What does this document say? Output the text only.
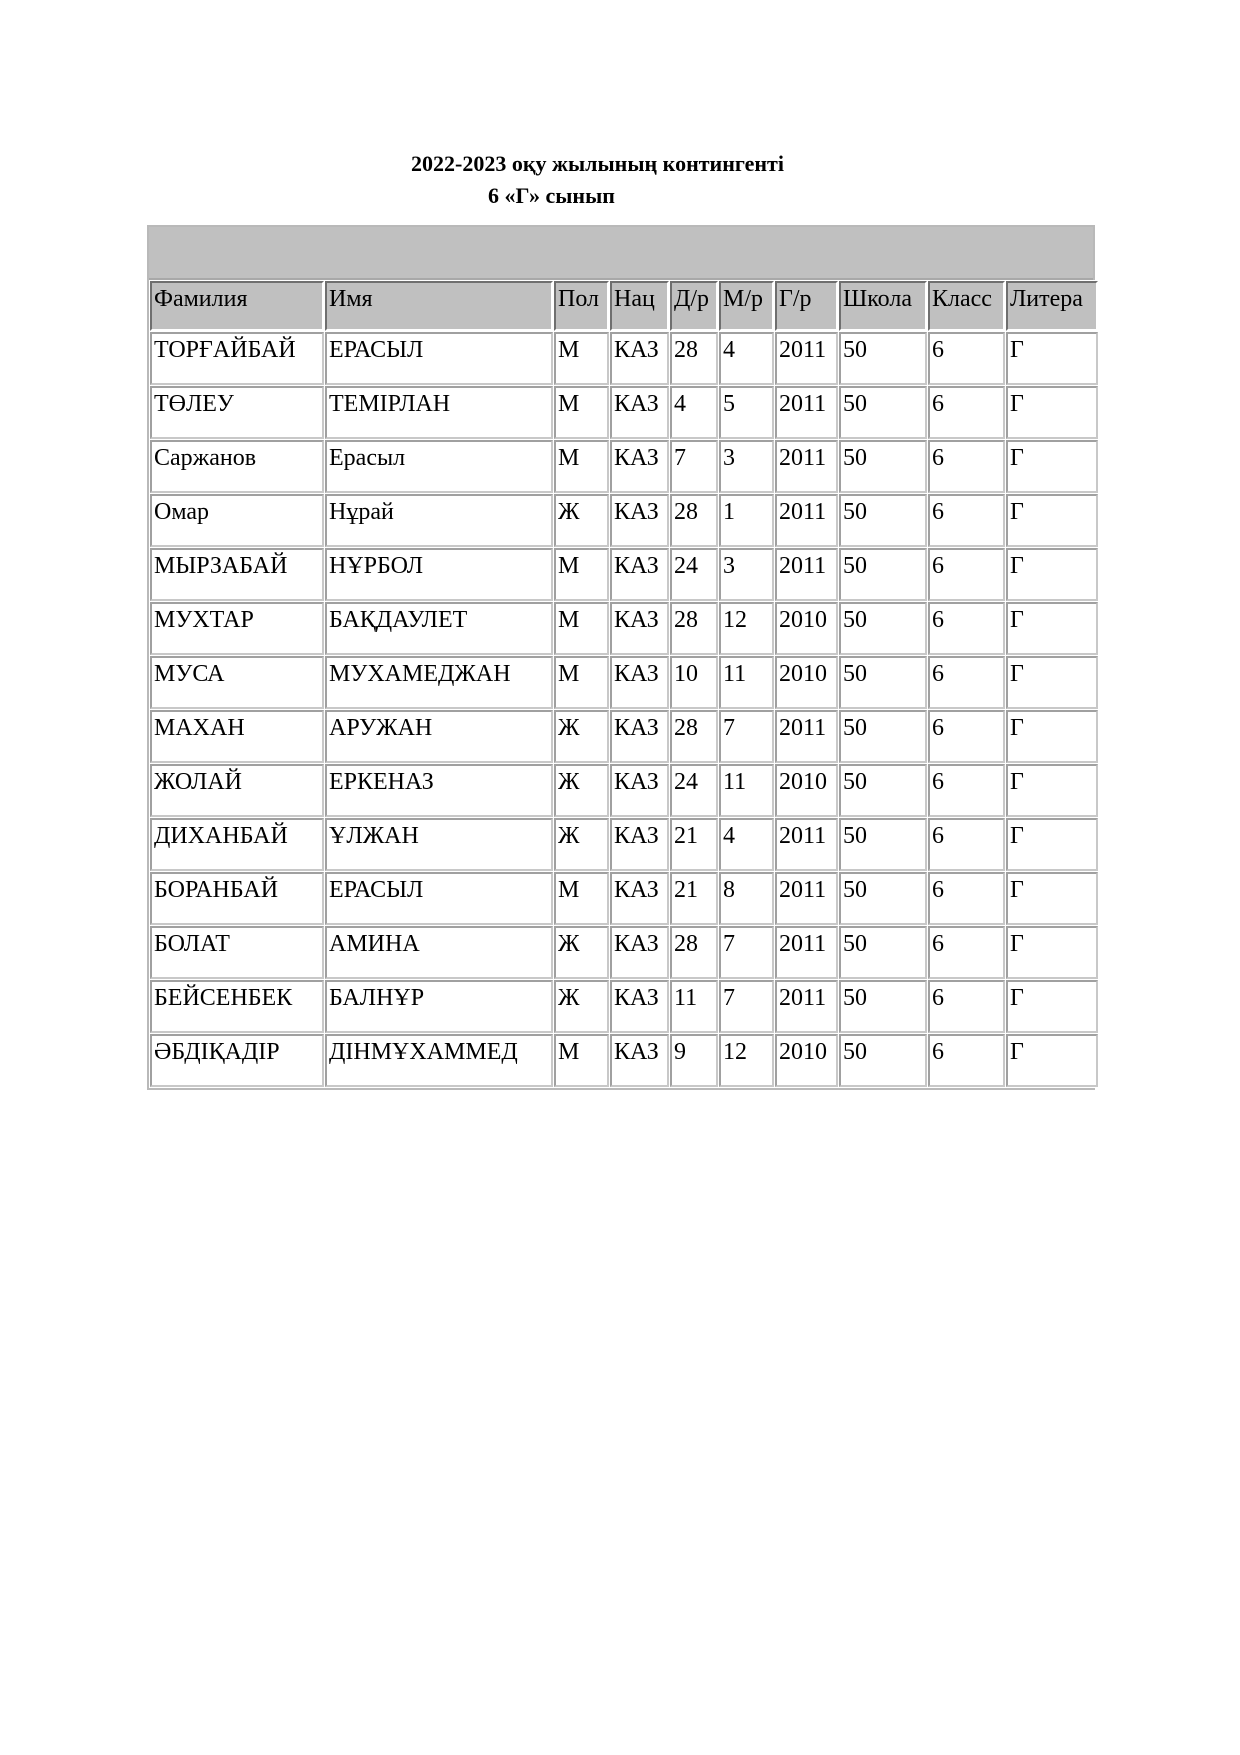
2022-2023 оқу жылының контингенті
6 «Г» сынып
Фамилия	Имя	Пол	Нац	Д/р	М/р	Г/р	Школа	Класс	Литера
ТОРҒАЙБАЙ	ЕРАСЫЛ	М	КАЗ	28	4	2011	50	6	Г
ТӨЛЕУ	ТЕМІРЛАН	М	КАЗ	4	5	2011	50	6	Г
Саржанов	Ерасыл	М	КАЗ	7	3	2011	50	6	Г
Омар	Нұрай	Ж	КАЗ	28	1	2011	50	6	Г
МЫРЗАБАЙ	НҰРБОЛ	М	КАЗ	24	3	2011	50	6	Г
МУХТАР	БАҚДАУЛЕТ	М	КАЗ	28	12	2010	50	6	Г
МУСА	МУХАМЕДЖАН	М	КАЗ	10	11	2010	50	6	Г
МАХАН	АРУЖАН	Ж	КАЗ	28	7	2011	50	6	Г
ЖОЛАЙ	ЕРКЕНАЗ	Ж	КАЗ	24	11	2010	50	6	Г
ДИХАНБАЙ	ҰЛЖАН	Ж	КАЗ	21	4	2011	50	6	Г
БОРАНБАЙ	ЕРАСЫЛ	М	КАЗ	21	8	2011	50	6	Г
БОЛАТ	АМИНА	Ж	КАЗ	28	7	2011	50	6	Г
БЕЙСЕНБЕК	БАЛНҰР	Ж	КАЗ	11	7	2011	50	6	Г
ӘБДІҚАДІР	ДІНМҰХАММЕД	М	КАЗ	9	12	2010	50	6	Г
